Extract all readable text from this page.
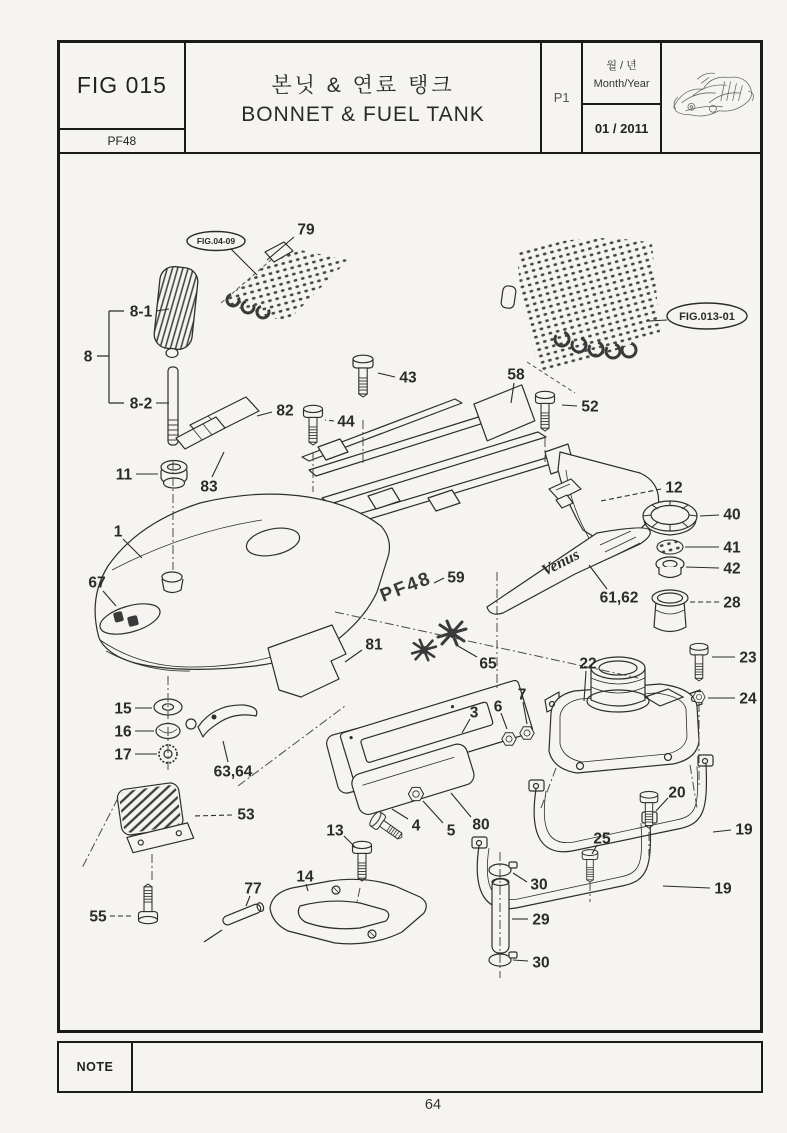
FIG 015
PF48
본닛 & 연료 탱크
BONNET & FUEL TANK
P1
월 / 년
Month/Year
01 / 2011
PF48
Venus
79
8-1
8
8-2
11
83
82
44
43	58
52
12
40
41
42
28
1
67	59
61,62
81
65	22	23
24
7
6
3
15
16
17
63,64
53
20
13	4 5 80
25
19
19
30
29
30
77
14
55
FIG.04-09
FIG.013-01
NOTE
64
